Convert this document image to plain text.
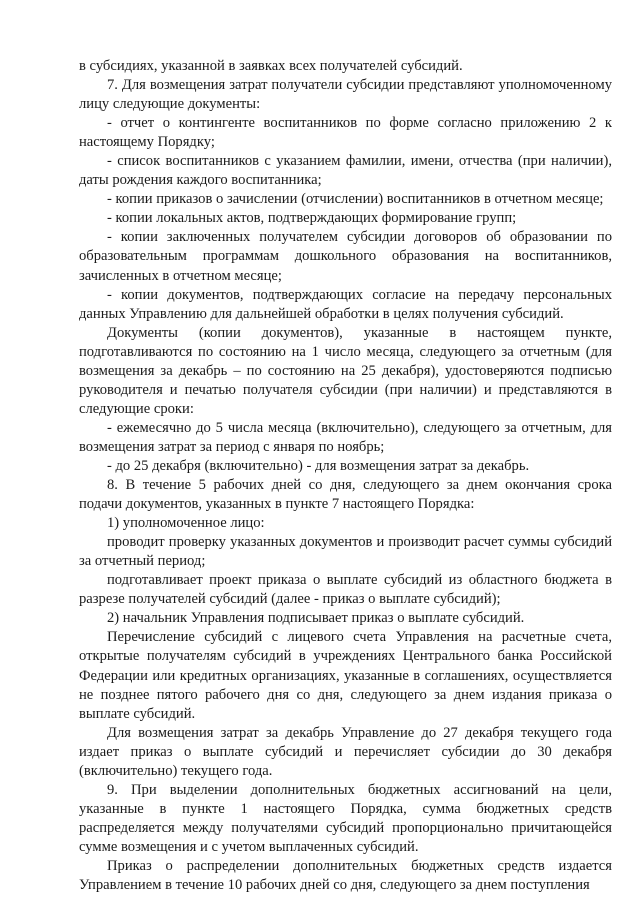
в субсидиях, указанной в заявках всех получателей субсидий.

7. Для возмещения затрат получатели субсидии представляют уполномоченному лицу следующие документы:

- отчет о контингенте воспитанников по форме согласно приложению 2 к настоящему Порядку;

- список воспитанников с указанием фамилии, имени, отчества (при наличии), даты рождения каждого воспитанника;

- копии приказов о зачислении (отчислении) воспитанников в отчетном месяце;

- копии локальных актов, подтверждающих формирование групп;

- копии заключенных получателем субсидии договоров об образовании по образовательным программам дошкольного образования на воспитанников, зачисленных в отчетном месяце;

- копии документов, подтверждающих согласие на передачу персональных данных Управлению для дальнейшей обработки в целях получения субсидий.

Документы (копии документов), указанные в настоящем пункте, подготавливаются по состоянию на 1 число месяца, следующего за отчетным (для возмещения за декабрь – по состоянию на 25 декабря), удостоверяются подписью руководителя и печатью получателя субсидии (при наличии) и представляются в следующие сроки:

- ежемесячно до 5 числа месяца (включительно), следующего за отчетным, для возмещения затрат за период с января по ноябрь;

- до 25 декабря (включительно) - для возмещения затрат за декабрь.

8. В течение 5 рабочих дней со дня, следующего за днем окончания срока подачи документов, указанных в пункте 7 настоящего Порядка:

1) уполномоченное лицо:

проводит проверку указанных документов и производит расчет суммы субсидий за отчетный период;

подготавливает проект приказа о выплате субсидий из областного бюджета в разрезе получателей субсидий (далее - приказ о выплате субсидий);

2) начальник Управления подписывает приказ о выплате субсидий.

Перечисление субсидий с лицевого счета Управления на расчетные счета, открытые получателям субсидий в учреждениях Центрального банка Российской Федерации или кредитных организациях, указанные в соглашениях, осуществляется не позднее пятого рабочего дня со дня, следующего за днем издания приказа о выплате субсидий.

Для возмещения затрат за декабрь Управление до 27 декабря текущего года издает приказ о выплате субсидий и перечисляет субсидии до 30 декабря (включительно) текущего года.

9. При выделении дополнительных бюджетных ассигнований на цели, указанные в пункте 1 настоящего Порядка, сумма бюджетных средств распределяется между получателями субсидий пропорционально причитающейся сумме возмещения и с учетом выплаченных субсидий.

Приказ о распределении дополнительных бюджетных средств издается Управлением в течение 10 рабочих дней со дня, следующего за днем поступления
